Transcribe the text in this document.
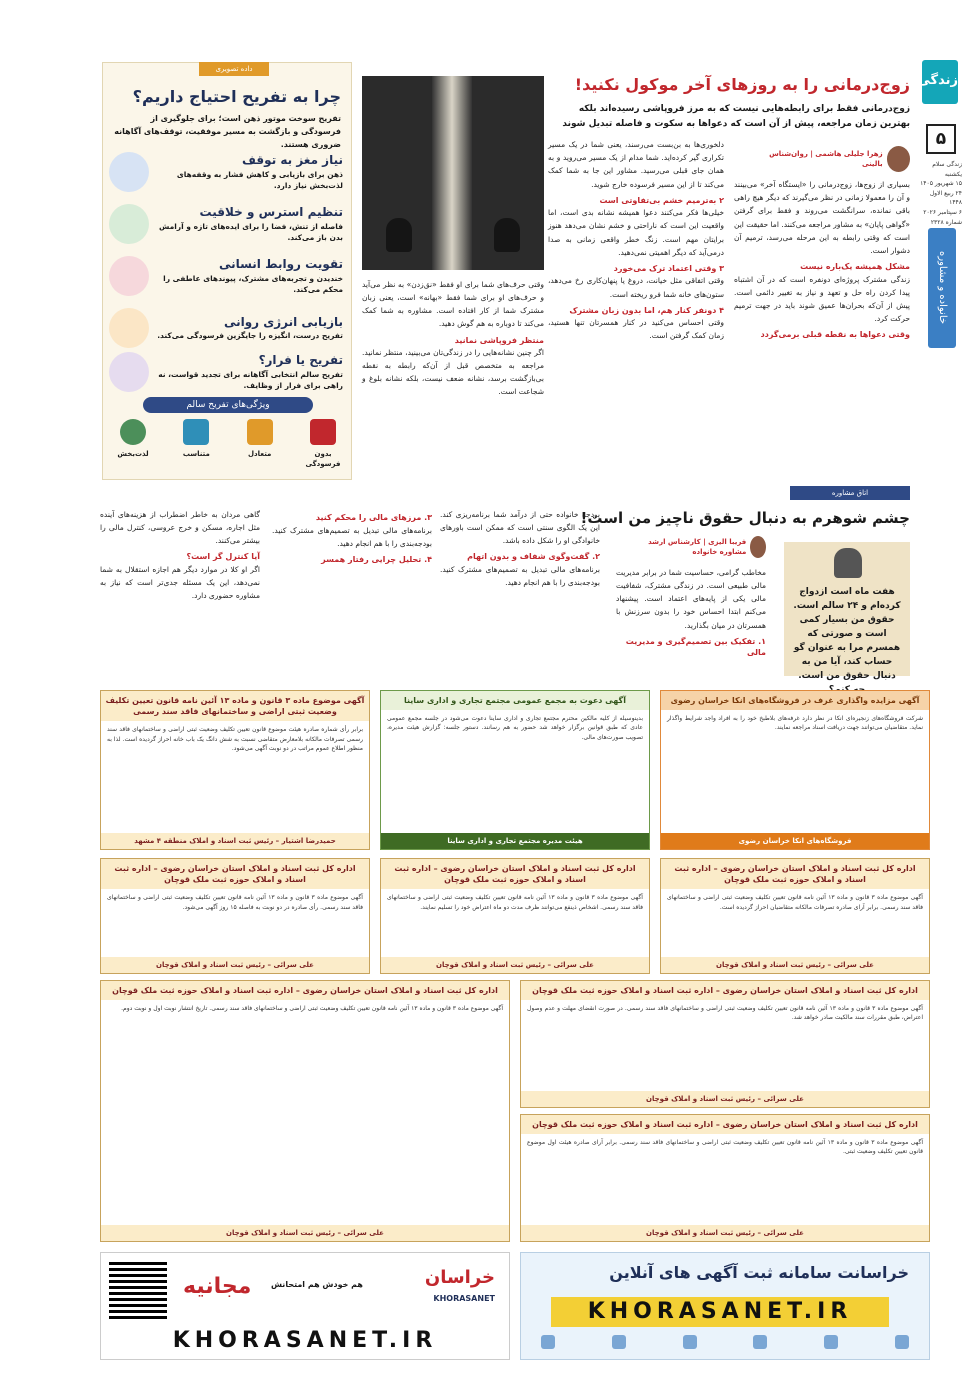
زندگی
۵
زندگی سلام
یکشنبه
۱۵ شهریور ۱۴۰۵
۲۴ ربیع الاول ۱۴۴۸
۶ سپتامبر ۲۰۲۶
شماره ۲۳۲۸
خانواده و مشاوره
زوج‌درمانی را به روزهای آخر موکول نکنید!
زوج‌درمانی فقط برای رابطه‌هایی نیست که به مرز فروپاشی رسیده‌اند بلکه بهترین زمان مراجعه، پیش از آن است که دعواها به سکوت و فاصله تبدیل شوند
زهرا جلیلی هاشمی | روان‌شناس بالینی
بسیاری از زوج‌ها، زوج‌درمانی را «ایستگاه آخر» می‌بینند و آن را معمولا زمانی در نظر می‌گیرند که دیگر هیچ راهی باقی نمانده، سرانگشت می‌روند و فقط برای گرفتن «گواهی پایان» به مشاور مراجعه می‌کنند. اما حقیقت این است که وقتی رابطه به این مرحله می‌رسد، ترمیم آن دشوار است.
مشکل همیشه یک‌باره نیست
زندگی مشترک پروژه‌ای دونفره است که در آن اشتباه پیدا کردن راه حل و تعهد و نیاز به تغییر دائمی است. پیش از آن‌که بحران‌ها عمیق شوند باید در جهت ترمیم حرکت کرد.
وقتی دعواها به نقطه قبلی برمی‌گردد
دلخوری‌ها به بن‌بست می‌رسند، یعنی شما در یک مسیر تکراری گیر کرده‌اید. شما مدام از یک مسیر می‌روید و به همان جای قبلی می‌رسید. مشاور این جا به شما کمک می‌کند تا از این مسیر فرسوده خارج شوید.
۲ به‌ترمیم خشم بی‌تفاوتی است
خیلی‌ها فکر می‌کنند دعوا همیشه نشانه بدی است، اما واقعیت این است که ناراحتی و خشم نشان می‌دهد هنوز برایتان مهم است. زنگ خطر واقعی زمانی به صدا درمی‌آید که دیگر اهمیتی نمی‌دهید.
۳ وقتی اعتماد ترک می‌خورد
وقتی اتفاقی مثل خیانت، دروغ یا پنهان‌کاری رخ می‌دهد، ستون‌های خانه شما فرو ریخته است.
۴ دونفر کنار هم، اما بدون زبان مشترک
وقتی احساس می‌کنید در کنار همسرتان تنها هستید، زمان کمک گرفتن است.
وقتی حرف‌های شما برای او فقط «نق‌زدن» به نظر می‌آید و حرف‌های او برای شما فقط «بهانه» است، یعنی زبان مشترک شما از کار افتاده است. مشاوره به شما کمک می‌کند تا دوباره به هم گوش دهید.
منتظر فروپاشی نمانید
اگر چنین نشانه‌هایی را در زندگی‌تان می‌بینید، منتظر نمانید. مراجعه به متخصص قبل از آن‌که رابطه به نقطه بی‌بازگشت برسد، نشانه ضعف نیست، بلکه نشانه بلوغ و شجاعت است.
داده تصویری
چرا به تفریح احتیاج داریم؟
تفریح سوخت موتور ذهن است؛ برای جلوگیری از فرسودگی و بازگشت به مسیر موفقیت، توقف‌های آگاهانه ضروری هستند.
نیاز مغز به توقف
ذهن برای بازیابی و کاهش فشار به وقفه‌های لذت‌بخش نیاز دارد.
تنظیم استرس و خلاقیت
فاصله از تنش، فضا را برای ایده‌های تازه و آرامش بدن باز می‌کند.
تقویت روابط انسانی
خندیدن و تجربه‌های مشترک، پیوندهای عاطفی را محکم می‌کند.
بازیابی انرژی روانی
تفریح درست، انگیزه را جایگزین فرسودگی می‌کند.
تفریح یا فرار؟
تفریح سالم انتخابی آگاهانه برای تجدید قواست، نه راهی برای فرار از وظایف.
ویژگی‌های تفریح سالم
بدون فرسودگی
متعادل
متناسب
لذت‌بخش
اتاق مشاوره
چشم شوهرم به دنبال حقوق ناچیز من است!
هفت ماه است ازدواج کرده‌ام و ۲۴ سالم است. حقوق من بسیار کمی ‌است و صورتی که همسرم مرا به عنوان گو حساب کند، آیا من به دنبال حقوق من است.
فریبا الیزی | کارشناس ارشد مشاوره خانواده
مخاطب گرامی، حساسیت شما در برابر مدیریت مالی طبیعی است. در زندگی مشترک، شفافیت مالی یکی از پایه‌های اعتماد است. پیشنهاد می‌کنم ابتدا احساس خود را بدون سرزنش با همسرتان در میان بگذارید.
۱. تفکیک بین تصمیم‌گیری و مدیریت مالی
بودجه خانواده حتی از درآمد شما برنامه‌ریزی کند. این یک الگوی سنتی است که ممکن است باورهای خانوادگی او را شکل داده باشد.
۲. گفت‌وگوی شفاف و بدون اتهام
برنامه‌های مالی تبدیل به تصمیم‌های مشترک کنید. بودجه‌بندی را با هم انجام دهید.
۳. مرزهای مالی را محکم کنید
برنامه‌های مالی تبدیل به تصمیم‌های مشترک کنید. بودجه‌بندی را با هم انجام دهید.
۴. تحلیل چرایی رفتار همسر
گاهی مردان به خاطر اضطراب از هزینه‌های آینده مثل اجاره، مسکن و خرج عروسی، کنترل مالی را بیشتر می‌کنند.
آیا کنترل گر است؟
اگر او کلا در موارد دیگر هم اجازه استقلال به شما نمی‌دهد، این یک مسئله جدی‌تر است که نیاز به مشاوره حضوری دارد.
آگهی مزایده واگذاری غرف در فروشگاه‌های انکا خراسان رضوی
شرکت فروشگاه‌های زنجیره‌ای انکا در نظر دارد غرفه‌های بلاطبخ خود را به افراد واجد شرایط واگذار نماید. متقاضیان می‌توانند جهت دریافت اسناد مراجعه نمایند.
فروشگاه‌های انکا خراسان رضوی
آگهی دعوت به مجمع عمومی مجتمع تجاری و اداری ساینا
بدینوسیله از کلیه مالکین محترم مجتمع تجاری و اداری ساینا دعوت می‌شود در جلسه مجمع عمومی عادی که طبق قوانین برگزار خواهد شد حضور به هم رسانند. دستور جلسه: گزارش هیئت مدیره، تصویب صورت‌های مالی.
هیئت مدیره مجتمع تجاری و اداری ساینا
آگهی موضوع ماده ۳ قانون و ماده ۱۳ آئین نامه قانون تعیین تکلیف وضعیت ثبتی اراضی و ساختمانهای فاقد سند رسمی
برابر رأی شماره صادره هیئت موضوع قانون تعیین تکلیف وضعیت ثبتی اراضی و ساختمانهای فاقد سند رسمی تصرفات مالکانه بلامعارض متقاضی نسبت به شش دانگ یک باب خانه احراز گردیده است. لذا به منظور اطلاع عموم مراتب در دو نوبت آگهی می‌شود.
حمیدرضا اشتیار – رئیس ثبت اسناد و املاک منطقه ۴ مشهد
اداره کل ثبت اسناد و املاک استان خراسان رضوی – اداره ثبت اسناد و املاک حوزه ثبت ملک قوچان
آگهی موضوع ماده ۳ قانون و ماده ۱۳ آئین نامه قانون تعیین تکلیف وضعیت ثبتی اراضی و ساختمانهای فاقد سند رسمی. برابر آرای صادره تصرفات مالکانه متقاضیان احراز گردیده است.
علی سرائی – رئیس ثبت اسناد و املاک قوچان
اداره کل ثبت اسناد و املاک استان خراسان رضوی – اداره ثبت اسناد و املاک حوزه ثبت ملک قوچان
آگهی موضوع ماده ۳ قانون و ماده ۱۳ آئین نامه قانون تعیین تکلیف وضعیت ثبتی اراضی و ساختمانهای فاقد سند رسمی. اشخاص ذینفع می‌توانند ظرف مدت دو ماه اعتراض خود را تسلیم نمایند.
علی سرائی – رئیس ثبت اسناد و املاک قوچان
اداره کل ثبت اسناد و املاک استان خراسان رضوی – اداره ثبت اسناد و املاک حوزه ثبت ملک قوچان
آگهی موضوع ماده ۳ قانون و ماده ۱۳ آئین نامه قانون تعیین تکلیف وضعیت ثبتی اراضی و ساختمانهای فاقد سند رسمی. رأی صادره در دو نوبت به فاصله ۱۵ روز آگهی می‌شود.
علی سرائی – رئیس ثبت اسناد و املاک قوچان
اداره کل ثبت اسناد و املاک استان خراسان رضوی – اداره ثبت اسناد و املاک حوزه ثبت ملک قوچان
آگهی موضوع ماده ۳ قانون و ماده ۱۳ آئین نامه قانون تعیین تکلیف وضعیت ثبتی اراضی و ساختمانهای فاقد سند رسمی. در صورت انقضای مهلت و عدم وصول اعتراض، طبق مقررات سند مالکیت صادر خواهد شد.
علی سرائی – رئیس ثبت اسناد و املاک قوچان
اداره کل ثبت اسناد و املاک استان خراسان رضوی – اداره ثبت اسناد و املاک حوزه ثبت ملک قوچان
آگهی موضوع ماده ۳ قانون و ماده ۱۳ آئین نامه قانون تعیین تکلیف وضعیت ثبتی اراضی و ساختمانهای فاقد سند رسمی. تاریخ انتشار نوبت اول و نوبت دوم.
علی سرائی – رئیس ثبت اسناد و املاک قوچان
اداره کل ثبت اسناد و املاک استان خراسان رضوی – اداره ثبت اسناد و املاک حوزه ثبت ملک قوچان
آگهی موضوع ماده ۳ قانون و ماده ۱۳ آئین نامه قانون تعیین تکلیف وضعیت ثبتی اراضی و ساختمانهای فاقد سند رسمی. برابر آرای صادره هیئت اول موضوع قانون تعیین تکلیف وضعیت ثبتی.
علی سرائی – رئیس ثبت اسناد و املاک قوچان
مجانیه هم خودش هم امتحانش	خراسان
KHORASANET
KHORASANET.IR
خراسانت سامانه ثبت آگهی های آنلاین
KHORASANET.IR
